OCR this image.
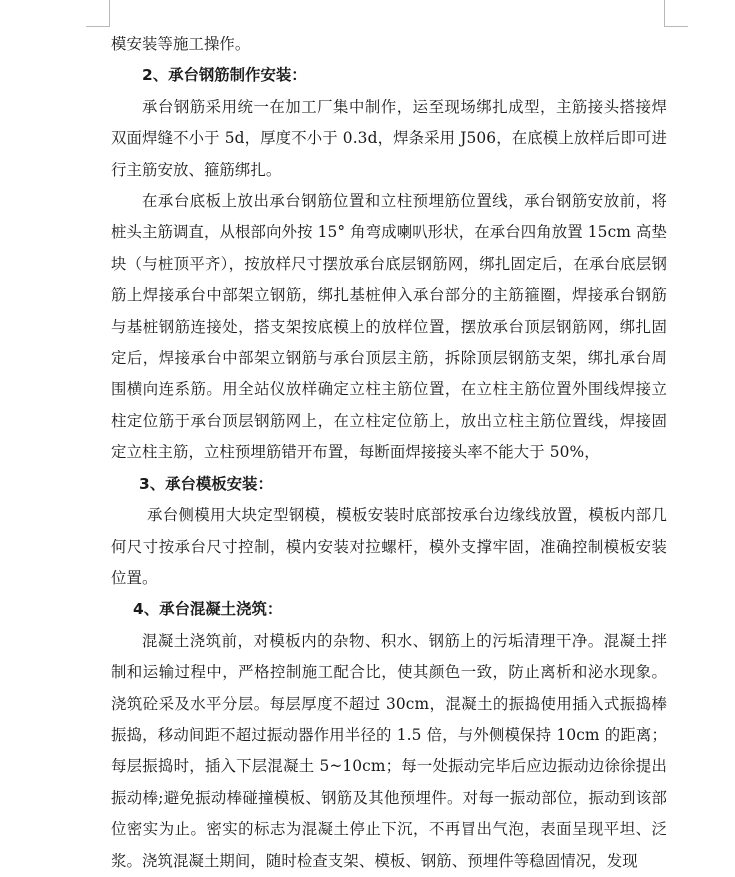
模安装等施工操作。

2、承台钢筋制作安装：

承台钢筋采用统一在加工厂集中制作，运至现场绑扎成型，主筋接头搭接焊双面焊缝不小于 5d，厚度不小于 0.3d，焊条采用 J506，在底模上放样后即可进行主筋安放、箍筋绑扎。

在承台底板上放出承台钢筋位置和立柱预埋筋位置线，承台钢筋安放前，将桩头主筋调直，从根部向外按 15° 角弯成喇叭形状，在承台四角放置 15cm 高垫块（与桩顶平齐），按放样尺寸摆放承台底层钢筋网，绑扎固定后，在承台底层钢筋上焊接承台中部架立钢筋，绑扎基桩伸入承台部分的主筋箍圈，焊接承台钢筋与基桩钢筋连接处，搭支架按底模上的放样位置，摆放承台顶层钢筋网，绑扎固定后，焊接承台中部架立钢筋与承台顶层主筋，拆除顶层钢筋支架，绑扎承台周围横向连系筋。用全站仪放样确定立柱主筋位置，在立柱主筋位置外围线焊接立柱定位筋于承台顶层钢筋网上，在立柱定位筋上，放出立柱主筋位置线，焊接固定立柱主筋，立柱预埋筋错开布置，每断面焊接接头率不能大于 50%，

3、承台模板安装：

承台侧模用大块定型钢模，模板安装时底部按承台边缘线放置，模板内部几何尺寸按承台尺寸控制，模内安装对拉螺杆，模外支撑牢固，准确控制模板安装位置。

4、承台混凝土浇筑：

混凝土浇筑前，对模板内的杂物、积水、钢筋上的污垢清理干净。混凝土拌制和运输过程中，严格控制施工配合比，使其颜色一致，防止离析和泌水现象。浇筑砼采及水平分层。每层厚度不超过 30cm，混凝土的振捣使用插入式振捣棒振捣，移动间距不超过振动器作用半径的 1.5 倍，与外侧模保持 10cm 的距离；每层振捣时，插入下层混凝土 5~10cm；每一处振动完毕后应边振动边徐徐提出振动棒;避免振动棒碰撞模板、钢筋及其他预埋件。对每一振动部位，振动到该部位密实为止。密实的标志为混凝土停止下沉，不再冒出气泡，表面呈现平坦、泛浆。浇筑混凝土期间，随时检查支架、模板、钢筋、预埋件等稳固情况，发现
